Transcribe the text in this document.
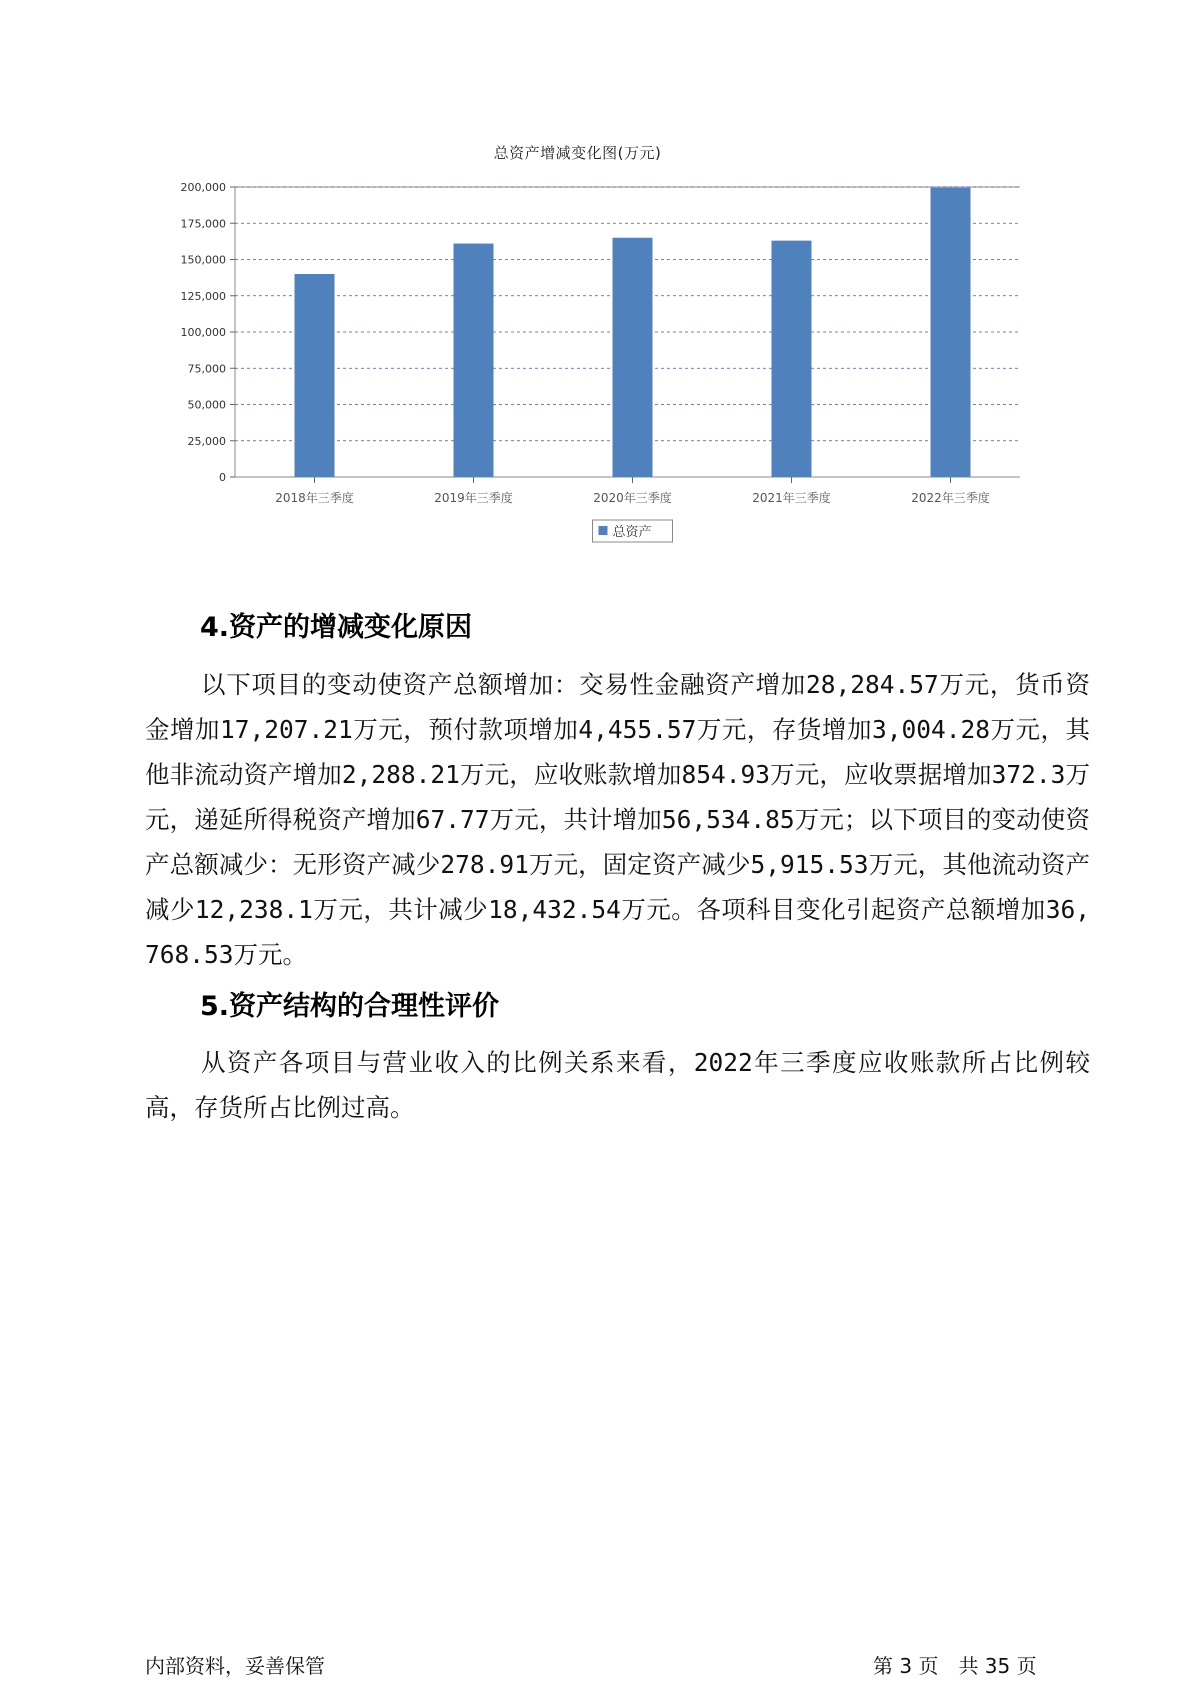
总资产增减变化图(万元)
0
25,000
50,000
75,000
100,000
125,000
150,000
175,000
200,000
2018年三季度	2019年三季度	2020年三季度	2021年三季度	2022年三季度
总资产
4.资产的增减变化原因

以下项目的变动使资产总额增加：交易性金融资产增加28,284.57万元，货币资金增加17,207.21万元，预付款项增加4,455.57万元，存货增加3,004.28万元，其他非流动资产增加2,288.21万元，应收账款增加854.93万元，应收票据增加372.3万元，递延所得税资产增加67.77万元，共计增加56,534.85万元；以下项目的变动使资产总额减少：无形资产减少278.91万元，固定资产减少5,915.53万元，其他流动资产减少12,238.1万元，共计减少18,432.54万元。各项科目变化引起资产总额增加36,768.53万元。

5.资产结构的合理性评价

从资产各项目与营业收入的比例关系来看，2022年三季度应收账款所占比例较高，存货所占比例过高。

内部资料，妥善保管	第 3 页　共 35 页
